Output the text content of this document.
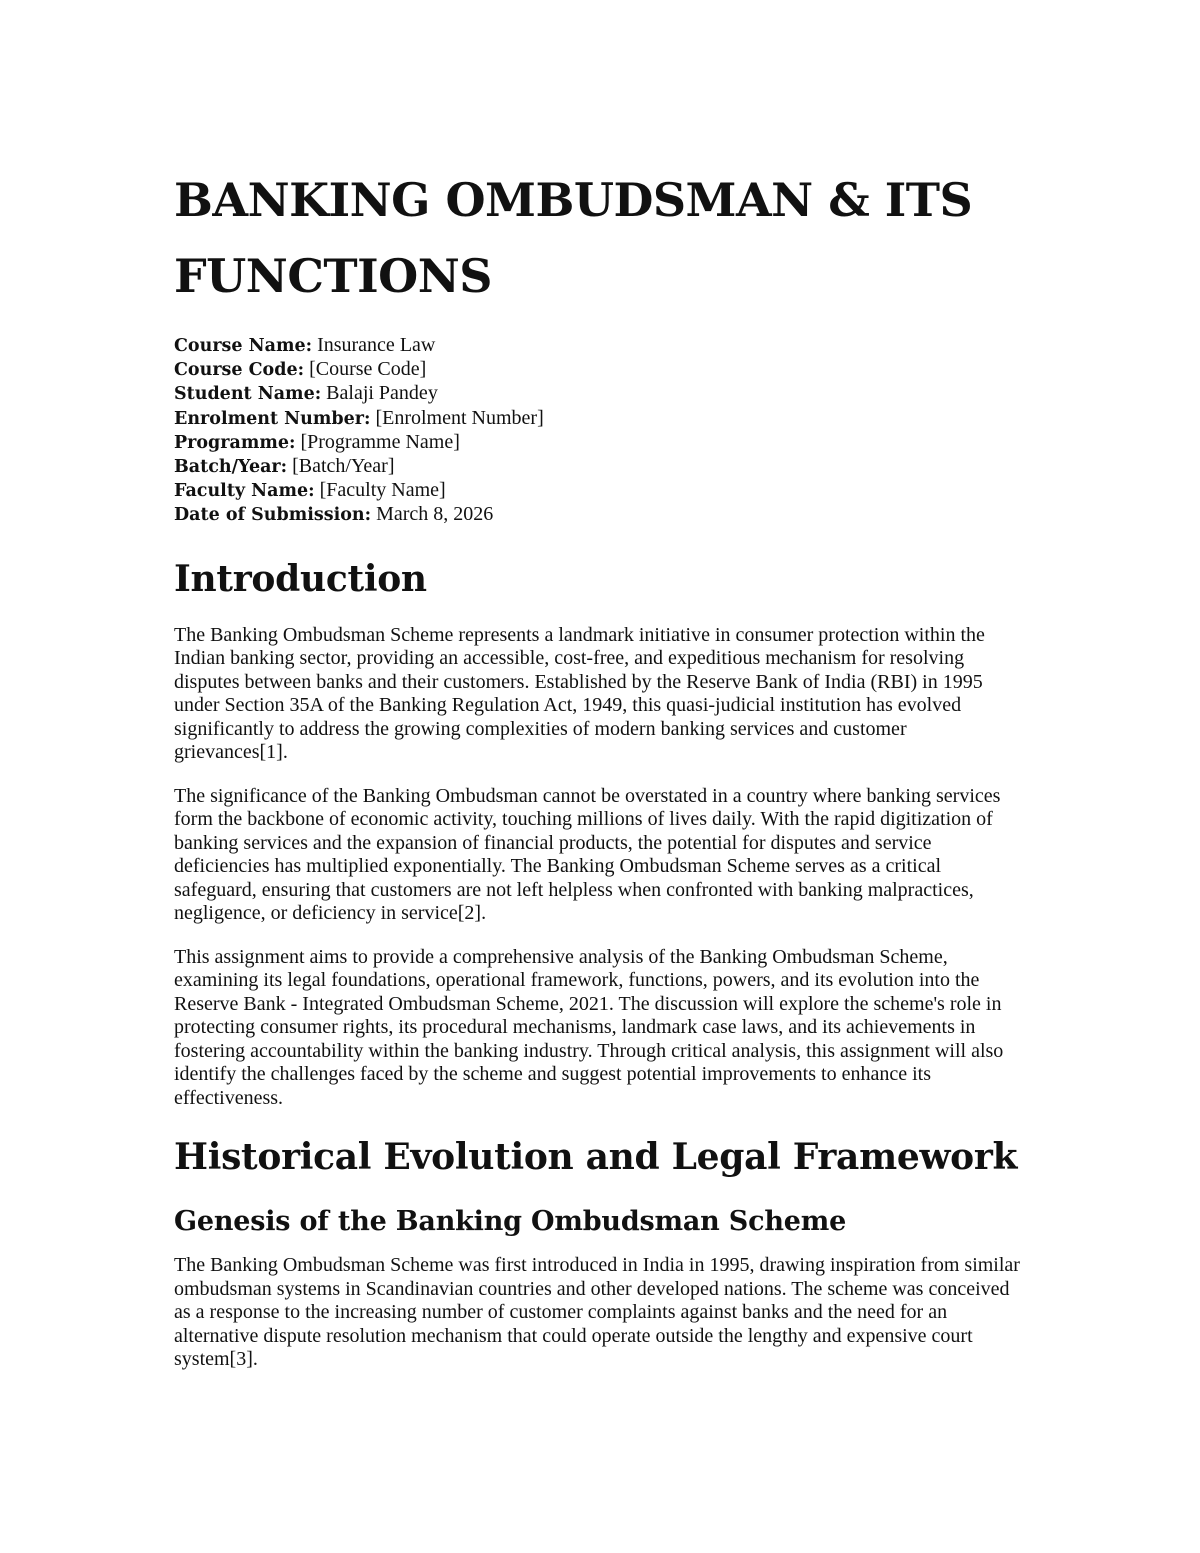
BANKING OMBUDSMAN & ITS FUNCTIONS
Course Name: Insurance Law
Course Code: [Course Code]
Student Name: Balaji Pandey
Enrolment Number: [Enrolment Number]
Programme: [Programme Name]
Batch/Year: [Batch/Year]
Faculty Name: [Faculty Name]
Date of Submission: March 8, 2026
Introduction

The Banking Ombudsman Scheme represents a landmark initiative in consumer protection within the Indian banking sector, providing an accessible, cost-free, and expeditious mechanism for resolving disputes between banks and their customers. Established by the Reserve Bank of India (RBI) in 1995 under Section 35A of the Banking Regulation Act, 1949, this quasi-judicial institution has evolved significantly to address the growing complexities of modern banking services and customer grievances[1].

The significance of the Banking Ombudsman cannot be overstated in a country where banking services form the backbone of economic activity, touching millions of lives daily. With the rapid digitization of banking services and the expansion of financial products, the potential for disputes and service deficiencies has multiplied exponentially. The Banking Ombudsman Scheme serves as a critical safeguard, ensuring that customers are not left helpless when confronted with banking malpractices, negligence, or deficiency in service[2].

This assignment aims to provide a comprehensive analysis of the Banking Ombudsman Scheme, examining its legal foundations, operational framework, functions, powers, and its evolution into the Reserve Bank - Integrated Ombudsman Scheme, 2021. The discussion will explore the scheme's role in protecting consumer rights, its procedural mechanisms, landmark case laws, and its achievements in fostering accountability within the banking industry. Through critical analysis, this assignment will also identify the challenges faced by the scheme and suggest potential improvements to enhance its effectiveness.

Historical Evolution and Legal Framework
Genesis of the Banking Ombudsman Scheme

The Banking Ombudsman Scheme was first introduced in India in 1995, drawing inspiration from similar ombudsman systems in Scandinavian countries and other developed nations. The scheme was conceived as a response to the increasing number of customer complaints against banks and the need for an alternative dispute resolution mechanism that could operate outside the lengthy and expensive court system[3].
